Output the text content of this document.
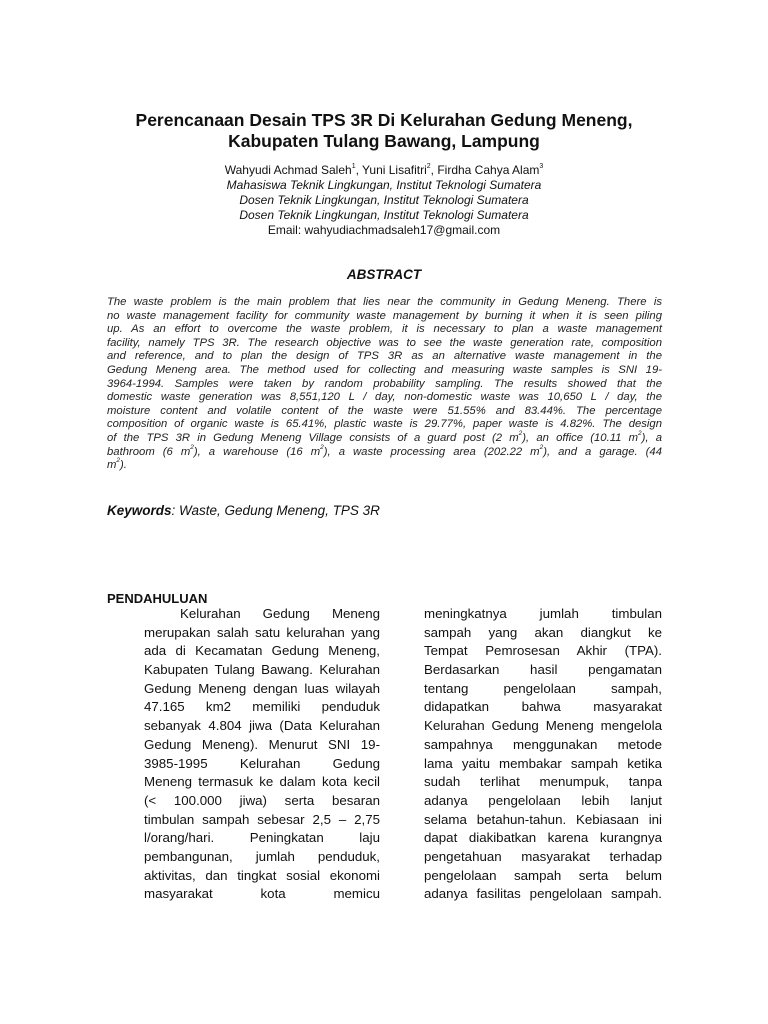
Perencanaan Desain TPS 3R Di Kelurahan Gedung Meneng,
Kabupaten Tulang Bawang, Lampung
Wahyudi Achmad Saleh$^1$, Yuni Lisafitri$^2$, Firdha Cahya Alam$^3$
Mahasiswa Teknik Lingkungan, Institut Teknologi Sumatera
Dosen Teknik Lingkungan, Institut Teknologi Sumatera
Dosen Teknik Lingkungan, Institut Teknologi Sumatera
Email: wahyudiachmadsaleh17@gmail.com
ABSTRACT
The waste problem is the main problem that lies near the community in Gedung Meneng. There is
no waste management facility for community waste management by burning it when it is seen piling
up. As an effort to overcome the waste problem, it is necessary to plan a waste management
facility, namely TPS 3R. The research objective was to see the waste generation rate, composition
and reference, and to plan the design of TPS 3R as an alternative waste management in the
Gedung Meneng area. The method used for collecting and measuring waste samples is SNI 19-
3964-1994. Samples were taken by random probability sampling. The results showed that the
domestic waste generation was 8,551,120 L / day, non-domestic waste was 10,650 L / day, the
moisture content and volatile content of the waste were 51.55% and 83.44%. The percentage
composition of organic waste is 65.41%, plastic waste is 29.77%, paper waste is 4.82%. The design
of the TPS 3R in Gedung Meneng Village consists of a guard post (2 $m^2$), an office (10.11 $m^2$), a
bathroom (6 $m^2$), a warehouse (16 $m^2$), a waste processing area (202.22 $m^2$), and a garage. (44
$m^2$).
Keywords: Waste, Gedung Meneng, TPS 3R
PENDAHULUAN
Kelurahan Gedung Meneng
merupakan salah satu kelurahan yang
ada di Kecamatan Gedung Meneng,
Kabupaten Tulang Bawang. Kelurahan
Gedung Meneng dengan luas wilayah
47.165 km2 memiliki penduduk
sebanyak 4.804 jiwa (Data Kelurahan
Gedung Meneng). Menurut SNI 19-
3985-1995 Kelurahan Gedung
Meneng termasuk ke dalam kota kecil
(< 100.000 jiwa) serta besaran
timbulan sampah sebesar 2,5 – 2,75
l/orang/hari. Peningkatan laju
pembangunan, jumlah penduduk,
aktivitas, dan tingkat sosial ekonomi
masyarakat kota memicu
meningkatnya jumlah timbulan
sampah yang akan diangkut ke
Tempat Pemrosesan Akhir (TPA).
Berdasarkan hasil pengamatan
tentang pengelolaan sampah,
didapatkan bahwa masyarakat
Kelurahan Gedung Meneng mengelola
sampahnya menggunakan metode
lama yaitu membakar sampah ketika
sudah terlihat menumpuk, tanpa
adanya pengelolaan lebih lanjut
selama betahun-tahun. Kebiasaan ini
dapat diakibatkan karena kurangnya
pengetahuan masyarakat terhadap
pengelolaan sampah serta belum
adanya fasilitas pengelolaan sampah.
